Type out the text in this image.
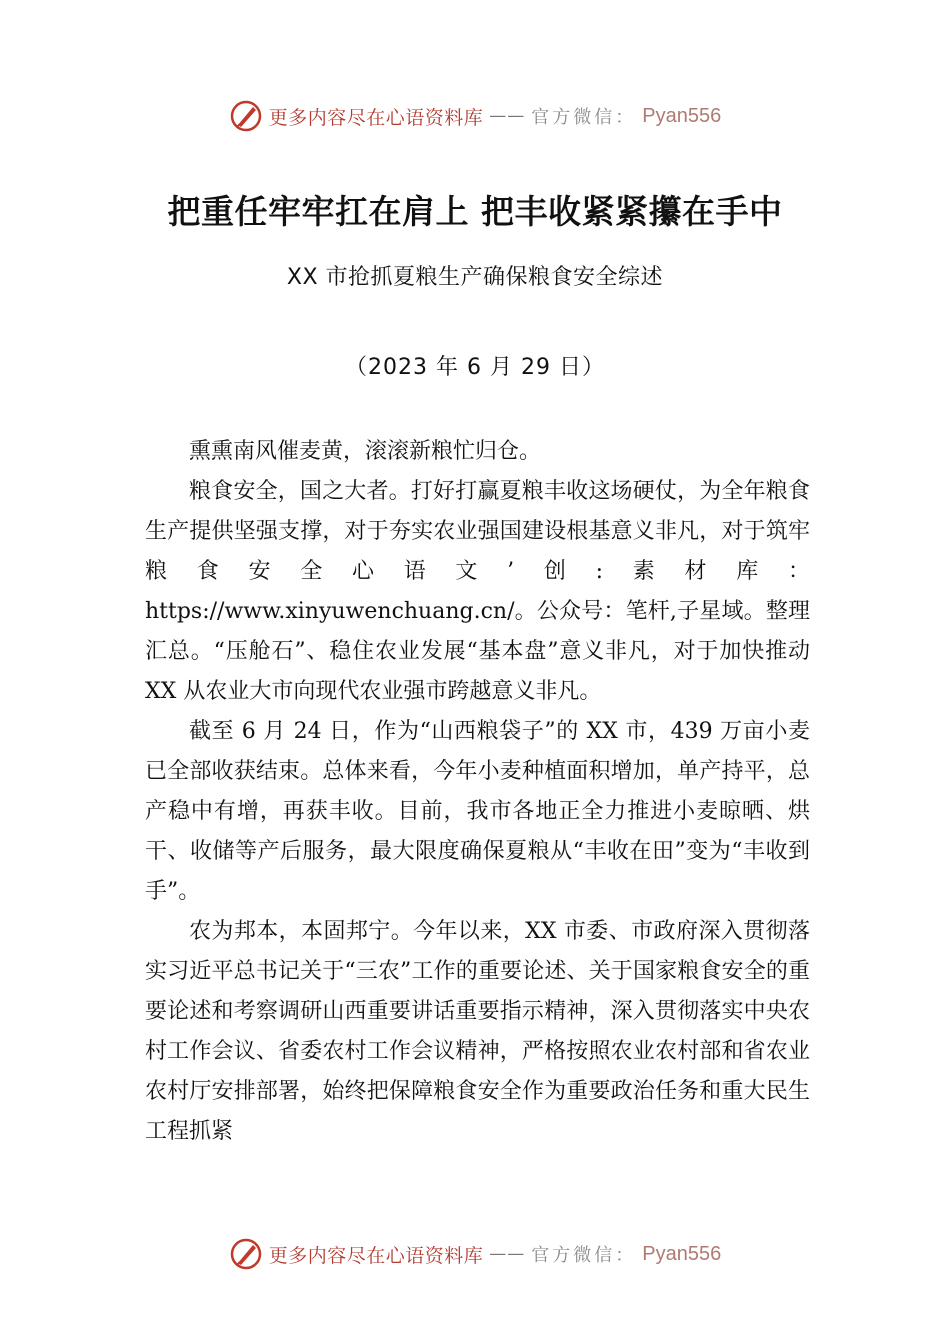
更多内容尽在心语资料库 —— 官方微信： Pyan556
把重任牢牢扛在肩上 把丰收紧紧攥在手中
XX 市抢抓夏粮生产确保粮食安全综述
（2023 年 6 月 29 日）

熏熏南风催麦黄，滚滚新粮忙归仓。

粮食安全，国之大者。打好打赢夏粮丰收这场硬仗，为全年粮食生产提供坚强支撑，对于夯实农业强国建设根基意义非凡，对于筑牢粮食安全心语文’创:素材库：https://www.xinyuwenchuang.cn/。公众号：笔杆,子星域。整理汇总。“压舱石”、稳住农业发展“基本盘”意义非凡，对于加快推动 XX 从农业大市向现代农业强市跨越意义非凡。

截至 6 月 24 日，作为“山西粮袋子”的 XX 市，439 万亩小麦已全部收获结束。总体来看，今年小麦种植面积增加，单产持平，总产稳中有增，再获丰收。目前，我市各地正全力推进小麦晾晒、烘干、收储等产后服务，最大限度确保夏粮从“丰收在田”变为“丰收到手”。

农为邦本，本固邦宁。今年以来，XX 市委、市政府深入贯彻落实习近平总书记关于“三农”工作的重要论述、关于国家粮食安全的重要论述和考察调研山西重要讲话重要指示精神，深入贯彻落实中央农村工作会议、省委农村工作会议精神，严格按照农业农村部和省农业农村厅安排部署，始终把保障粮食安全作为重要政治任务和重大民生工程抓紧

更多内容尽在心语资料库 —— 官方微信： Pyan556
